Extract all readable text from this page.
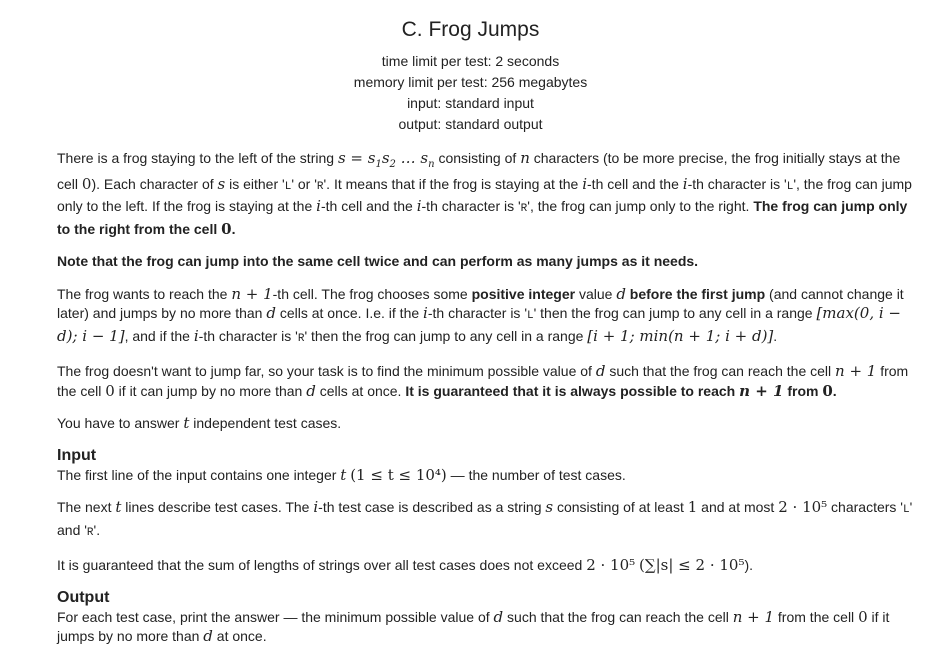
C. Frog Jumps
time limit per test: 2 seconds
memory limit per test: 256 megabytes
input: standard input
output: standard output

There is a frog staying to the left of the string $s = s_1s_2$ … $s_n$ consisting of n characters (to be more precise, the frog initially stays at the cell 0). Each character of s is either 'L' or 'R'. It means that if the frog is staying at the i-th cell and the i-th character is 'L', the frog can jump only to the left. If the frog is staying at the i-th cell and the i-th character is 'R', the frog can jump only to the right. The frog can jump only to the right from the cell 0.

Note that the frog can jump into the same cell twice and can perform as many jumps as it needs.

The frog wants to reach the n + 1-th cell. The frog chooses some positive integer value d before the first jump (and cannot change it later) and jumps by no more than d cells at once. I.e. if the i-th character is 'L' then the frog can jump to any cell in a range [max(0, i − d); i − 1], and if the i-th character is 'R' then the frog can jump to any cell in a range [i + 1; min(n + 1; i + d)].

The frog doesn't want to jump far, so your task is to find the minimum possible value of d such that the frog can reach the cell n + 1 from the cell 0 if it can jump by no more than d cells at once. It is guaranteed that it is always possible to reach n + 1 from 0.

You have to answer t independent test cases.

Input

The first line of the input contains one integer t (1 ≤ t ≤ 10⁴) — the number of test cases.

The next t lines describe test cases. The i-th test case is described as a string s consisting of at least 1 and at most 2 · 10⁵ characters 'L' and 'R'.

It is guaranteed that the sum of lengths of strings over all test cases does not exceed 2 · 10⁵ (∑|s| ≤ 2 · 10⁵).

Output

For each test case, print the answer — the minimum possible value of d such that the frog can reach the cell n + 1 from the cell 0 if it jumps by no more than d at once.
